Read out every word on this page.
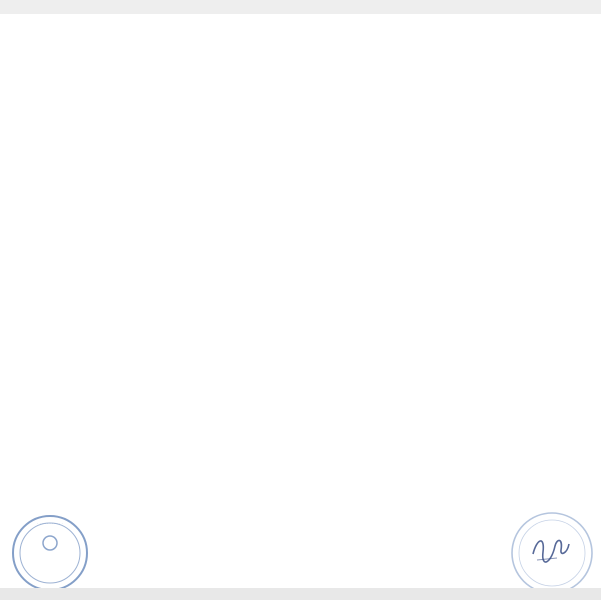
· · · · · · · · · · ·
